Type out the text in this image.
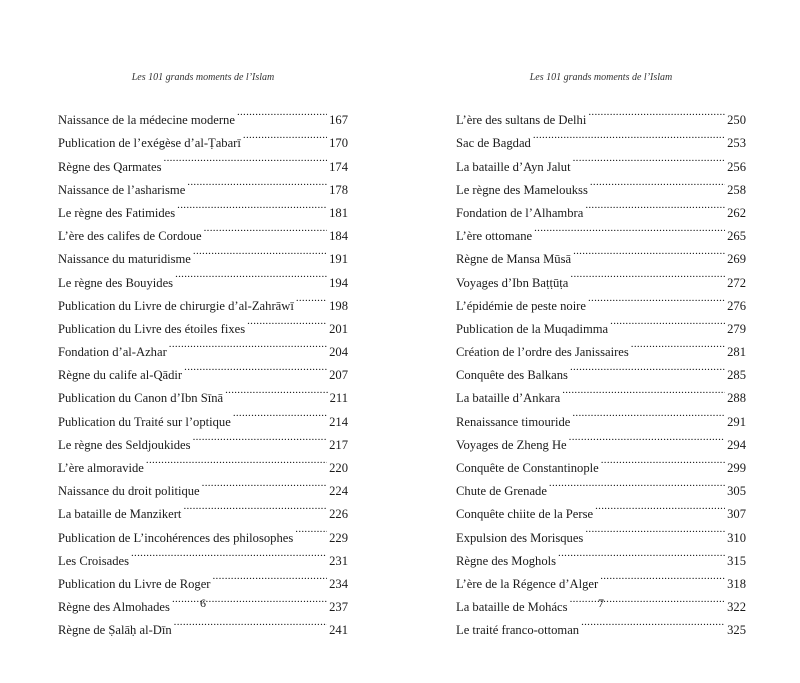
Les 101 grands moments de l’Islam
Naissance de la médecine moderne .....	167
Publication de l’exégèse d’al-Ṭabarī .....	170
Règne des Qarmates .....	174
Naissance de l’asharisme .....	178
Le règne des Fatimides .....	181
L’ère des califes de Cordoue .....	184
Naissance du maturidisme .....	191
Le règne des Bouyides .....	194
Publication du Livre de chirurgie d’al-Zahrāwī .....	198
Publication du Livre des étoiles fixes .....	201
Fondation d’al-Azhar .....	204
Règne du calife al-Qādir .....	207
Publication du Canon d’Ibn Sīnā .....	211
Publication du Traité sur l’optique .....	214
Le règne des Seldjoukides .....	217
L’ère almoravide .....	220
Naissance du droit politique .....	224
La bataille de Manzikert .....	226
Publication de L’incohérences des philosophes .....	229
Les Croisades .....	231
Publication du Livre de Roger .....	234
Règne des Almohades .....	237
Règne de Ṣalāḥ al-Dīn .....	241
6
Les 101 grands moments de l’Islam
L’ère des sultans de Delhi .....	250
Sac de Bagdad .....	253
La bataille d’Ayn Jalut .....	256
Le règne des Mameloukss .....	258
Fondation de l’Alhambra .....	262
L’ère ottomane .....	265
Règne de Mansa Mūsā .....	269
Voyages d’Ibn Baṭṭūṭa .....	272
L’épidémie de peste noire .....	276
Publication de la Muqadimma .....	279
Création de l’ordre des Janissaires .....	281
Conquête des Balkans .....	285
La bataille d’Ankara .....	288
Renaissance timouride .....	291
Voyages de Zheng He .....	294
Conquête de Constantinople .....	299
Chute de Grenade .....	305
Conquête chiite de la Perse .....	307
Expulsion des Morisques .....	310
Règne des Moghols .....	315
L’ère de la Régence d’Alger .....	318
La bataille de Mohács .....	322
Le traité franco-ottoman .....	325
7
